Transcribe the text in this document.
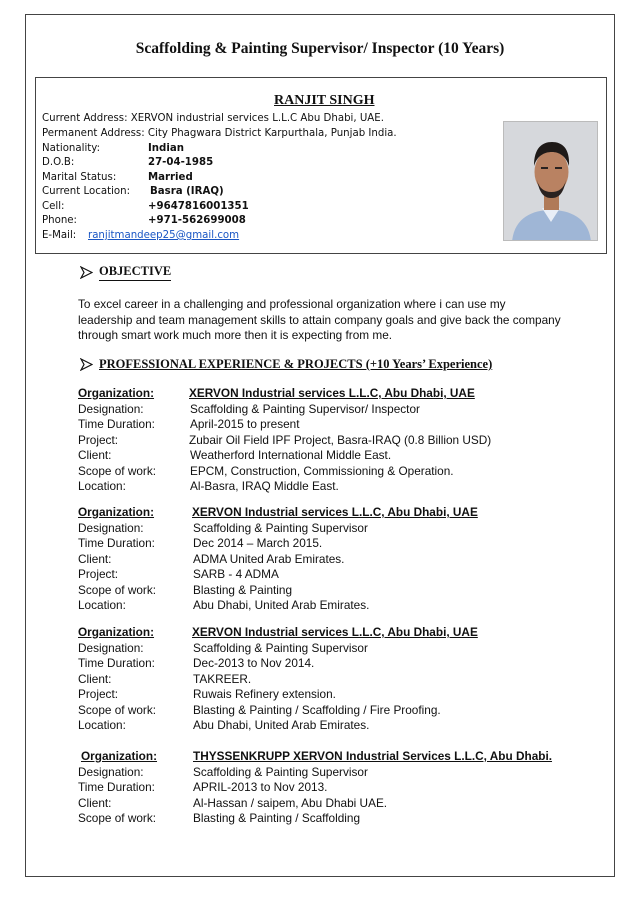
Scaffolding & Painting Supervisor/ Inspector (10 Years)
RANJIT SINGH
Current Address: XERVON industrial services L.L.C Abu Dhabi, UAE.
Permanent Address: City Phagwara District Karpurthala, Punjab India.
Nationality:	Indian
D.O.B:	27-04-1985
Marital Status:	Married
Current Location: Basra (IRAQ)
Cell:	+9647816001351
Phone:	+971-562699008
E-Mail: ranjitmandeep25@gmail.com
OBJECTIVE
To excel career in a challenging and professional organization where i can use my
leadership and team management skills to attain company goals and give back the company
through smart work much more then it is expecting from me.
PROFESSIONAL EXPERIENCE & PROJECTS (+10 Years’ Experience)
Organization:	XERVON Industrial services L.L.C, Abu Dhabi, UAE
Designation:	Scaffolding & Painting Supervisor/ Inspector
Time Duration:	April-2015 to present
Project:	Zubair Oil Field IPF Project, Basra-IRAQ (0.8 Billion USD)
Client:	Weatherford International Middle East.
Scope of work:	EPCM, Construction, Commissioning & Operation.
Location:	Al-Basra, IRAQ Middle East.
Organization:	XERVON Industrial services L.L.C, Abu Dhabi, UAE
Designation:	Scaffolding & Painting Supervisor
Time Duration:	Dec 2014 – March 2015.
Client:	ADMA United Arab Emirates.
Project:	SARB - 4 ADMA
Scope of work:	Blasting & Painting
Location:	Abu Dhabi, United Arab Emirates.
Organization:	XERVON Industrial services L.L.C, Abu Dhabi, UAE
Designation:	Scaffolding & Painting Supervisor
Time Duration:	Dec-2013 to Nov 2014.
Client:	TAKREER.
Project:	Ruwais Refinery extension.
Scope of work:	Blasting & Painting / Scaffolding / Fire Proofing.
Location:	Abu Dhabi, United Arab Emirates.
Organization:	THYSSENKRUPP XERVON Industrial Services L.L.C, Abu Dhabi.
Designation:	Scaffolding & Painting Supervisor
Time Duration:	APRIL-2013 to Nov 2013.
Client:	Al-Hassan / saipem, Abu Dhabi UAE.
Scope of work:	Blasting & Painting / Scaffolding
